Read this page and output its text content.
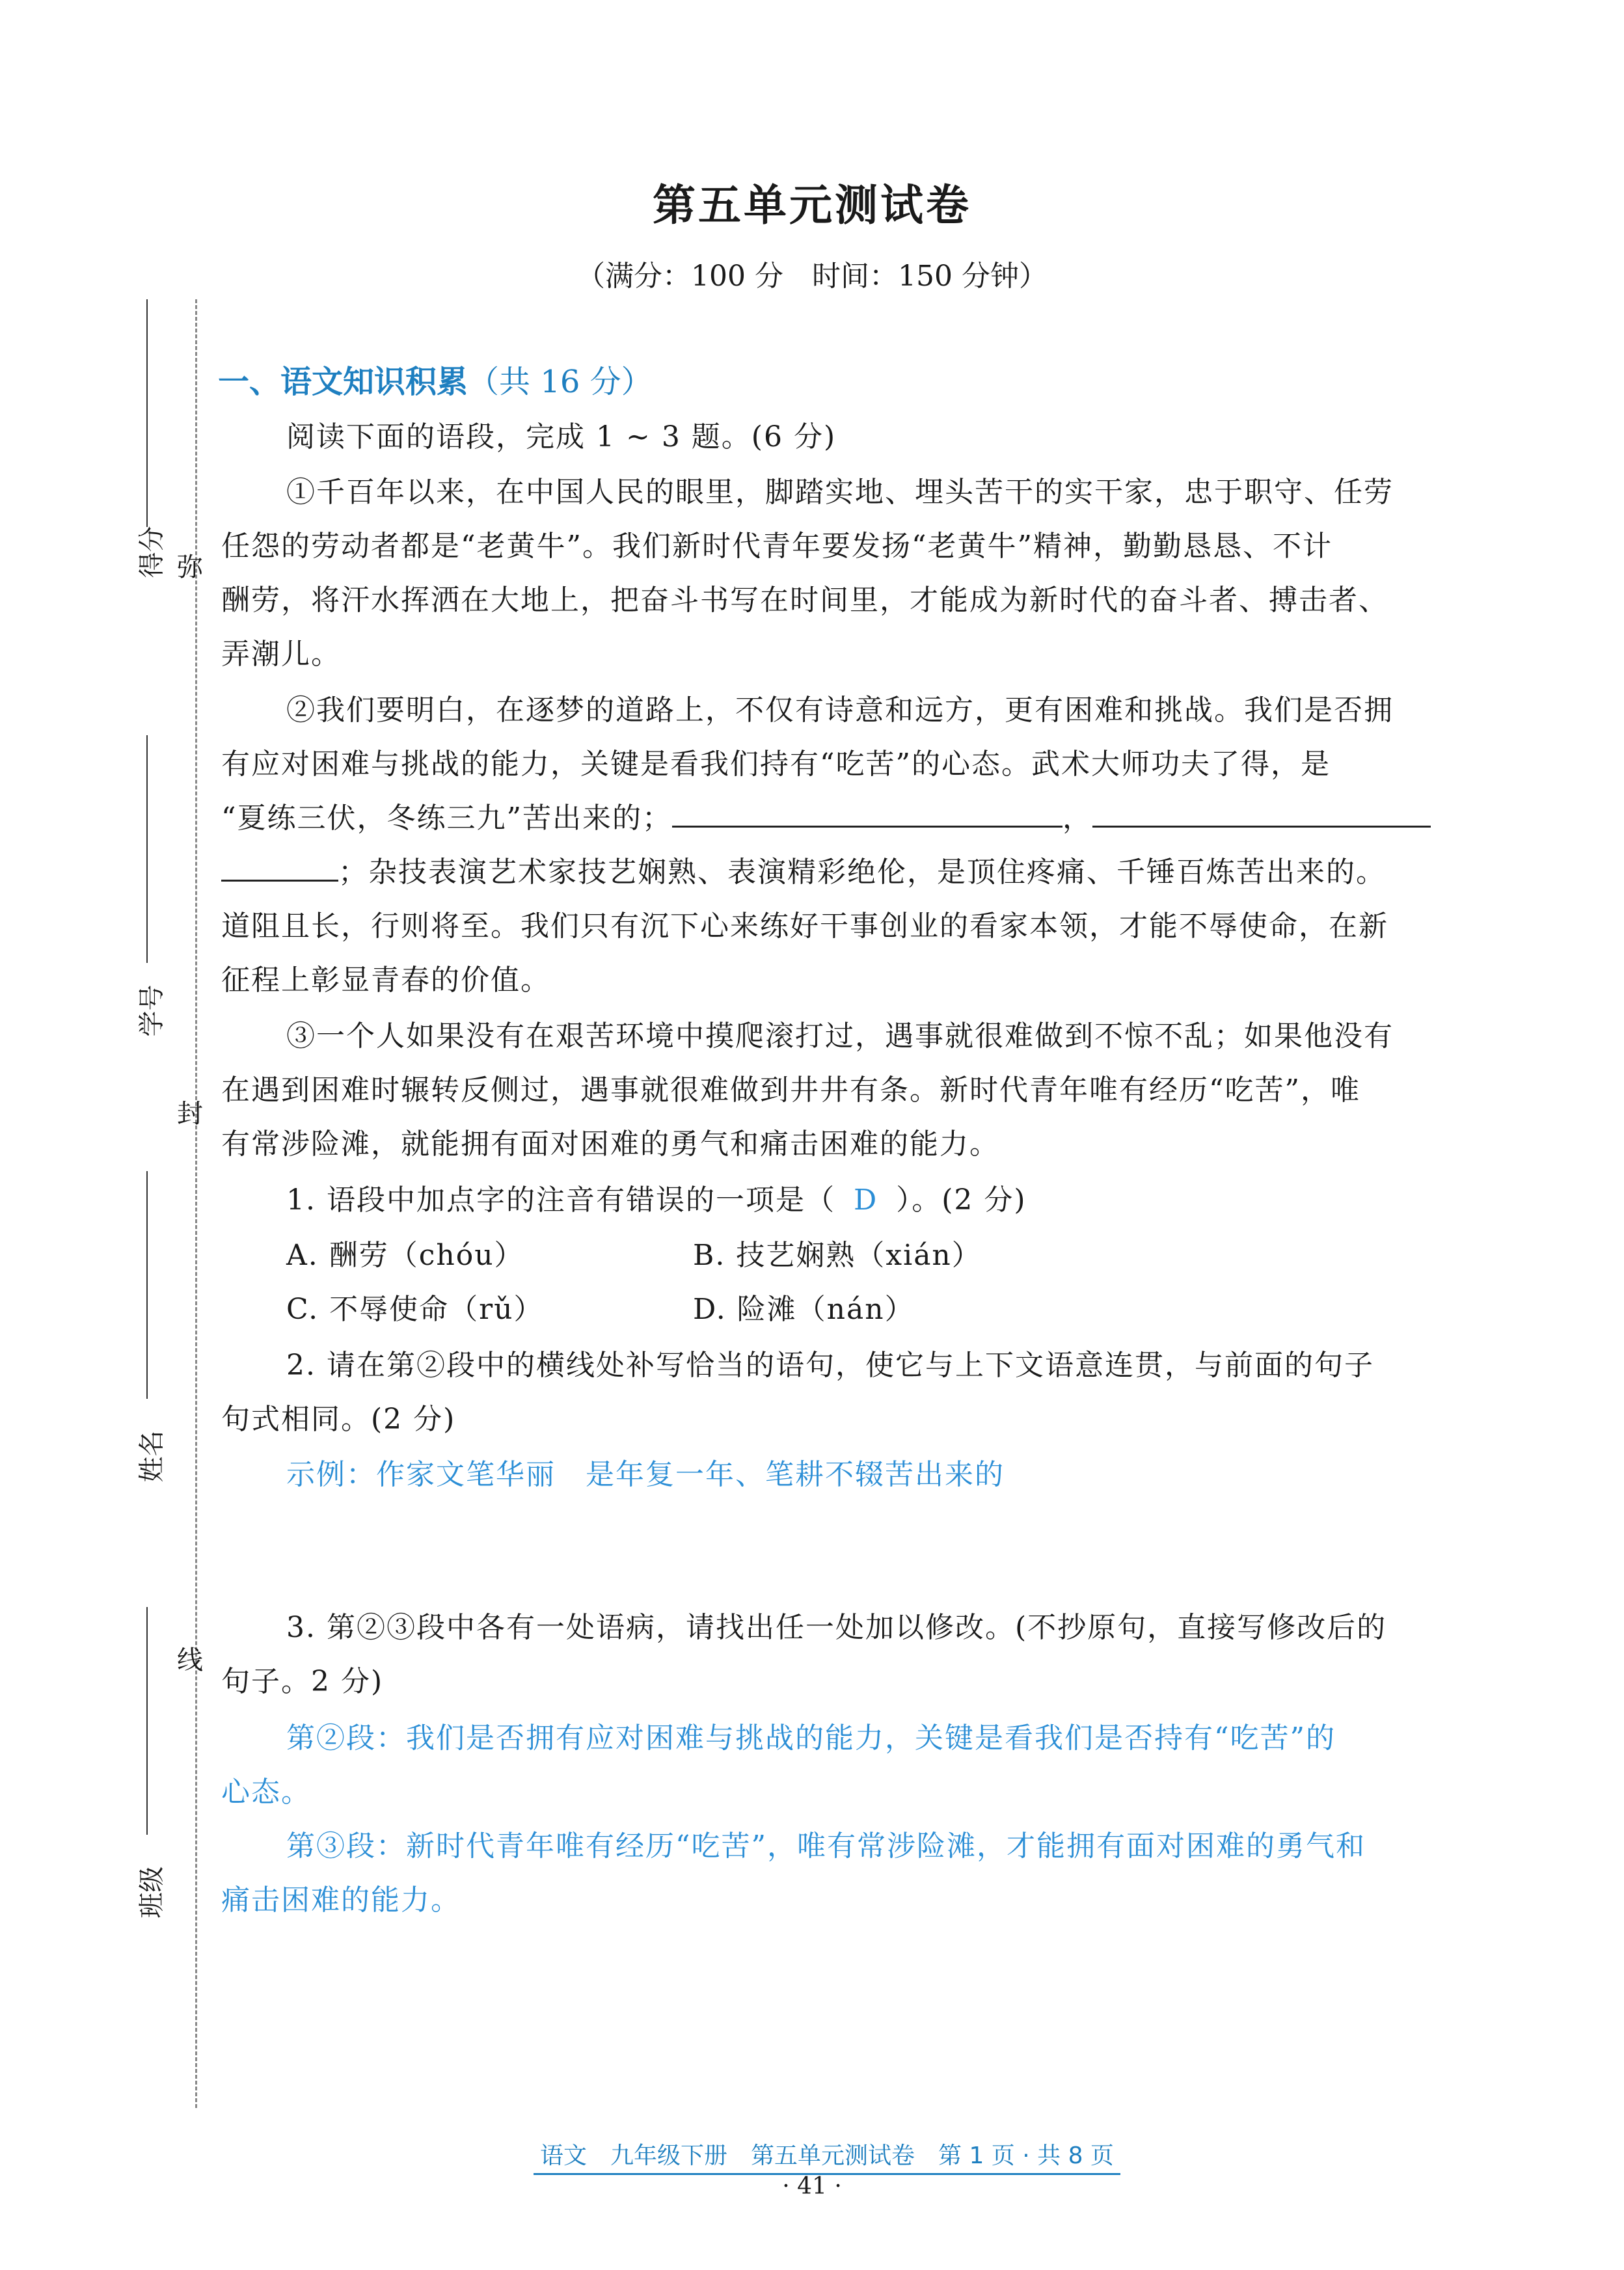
第五单元测试卷
（满分：100 分　时间：150 分钟）
得分
学号
姓名
班级
弥
封
线
一、语文知识积累（共 16 分）
阅读下面的语段，完成 1 ~ 3 题。(6 分)
①千百年以来，在中国人民的眼里，脚踏实地、埋头苦干的实干家，忠于职守、任劳
任怨的劳动者都是“老黄牛”。我们新时代青年要发扬“老黄牛”精神，勤勤恳恳、不计
酬劳，将汗水挥洒在大地上，把奋斗书写在时间里，才能成为新时代的奋斗者、搏击者、
弄潮儿。
②我们要明白，在逐梦的道路上，不仅有诗意和远方，更有困难和挑战。我们是否拥
有应对困难与挑战的能力，关键是看我们持有“吃苦”的心态。武术大师功夫了得，是
“夏练三伏，冬练三九”苦出来的；	，
；杂技表演艺术家技艺娴熟、表演精彩绝伦，是顶住疼痛、千锤百炼苦出来的。
道阻且长，行则将至。我们只有沉下心来练好干事创业的看家本领，才能不辱使命，在新
征程上彰显青春的价值。
③一个人如果没有在艰苦环境中摸爬滚打过，遇事就很难做到不惊不乱；如果他没有
在遇到困难时辗转反侧过，遇事就很难做到井井有条。新时代青年唯有经历“吃苦”，唯
有常涉险滩，就能拥有面对困难的勇气和痛击困难的能力。
1. 语段中加点字的注音有错误的一项是（ D ）。(2 分)
A. 酬劳（chóu）	B. 技艺娴熟（xián）
C. 不辱使命（rǔ）	D. 险滩（nán）
2. 请在第②段中的横线处补写恰当的语句，使它与上下文语意连贯，与前面的句子
句式相同。(2 分)
示例：作家文笔华丽　是年复一年、笔耕不辍苦出来的
3. 第②③段中各有一处语病，请找出任一处加以修改。(不抄原句，直接写修改后的
句子。2 分)
第②段：我们是否拥有应对困难与挑战的能力，关键是看我们是否持有“吃苦”的
心态。
第③段：新时代青年唯有经历“吃苦”，唯有常涉险滩，才能拥有面对困难的勇气和
痛击困难的能力。
语文　九年级下册　第五单元测试卷　第 1 页 · 共 8 页
· 41 ·
